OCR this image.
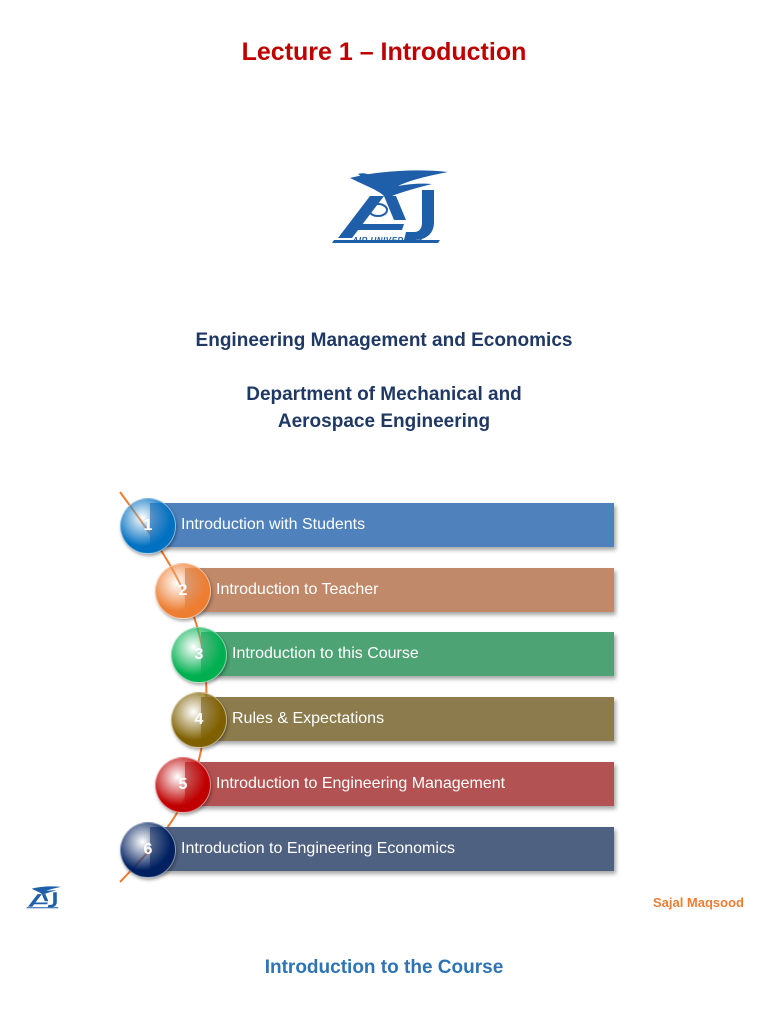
Lecture 1 – Introduction
AIR UNIVERSITY
Engineering Management and Economics
Department of Mechanical and
Aerospace Engineering
Introduction with Students
1
Introduction to Teacher
2
Introduction to this Course
3
Rules & Expectations
4
Introduction to Engineering Management
5
Introduction to Engineering Economics
6
Sajal Maqsood
Introduction to the Course
